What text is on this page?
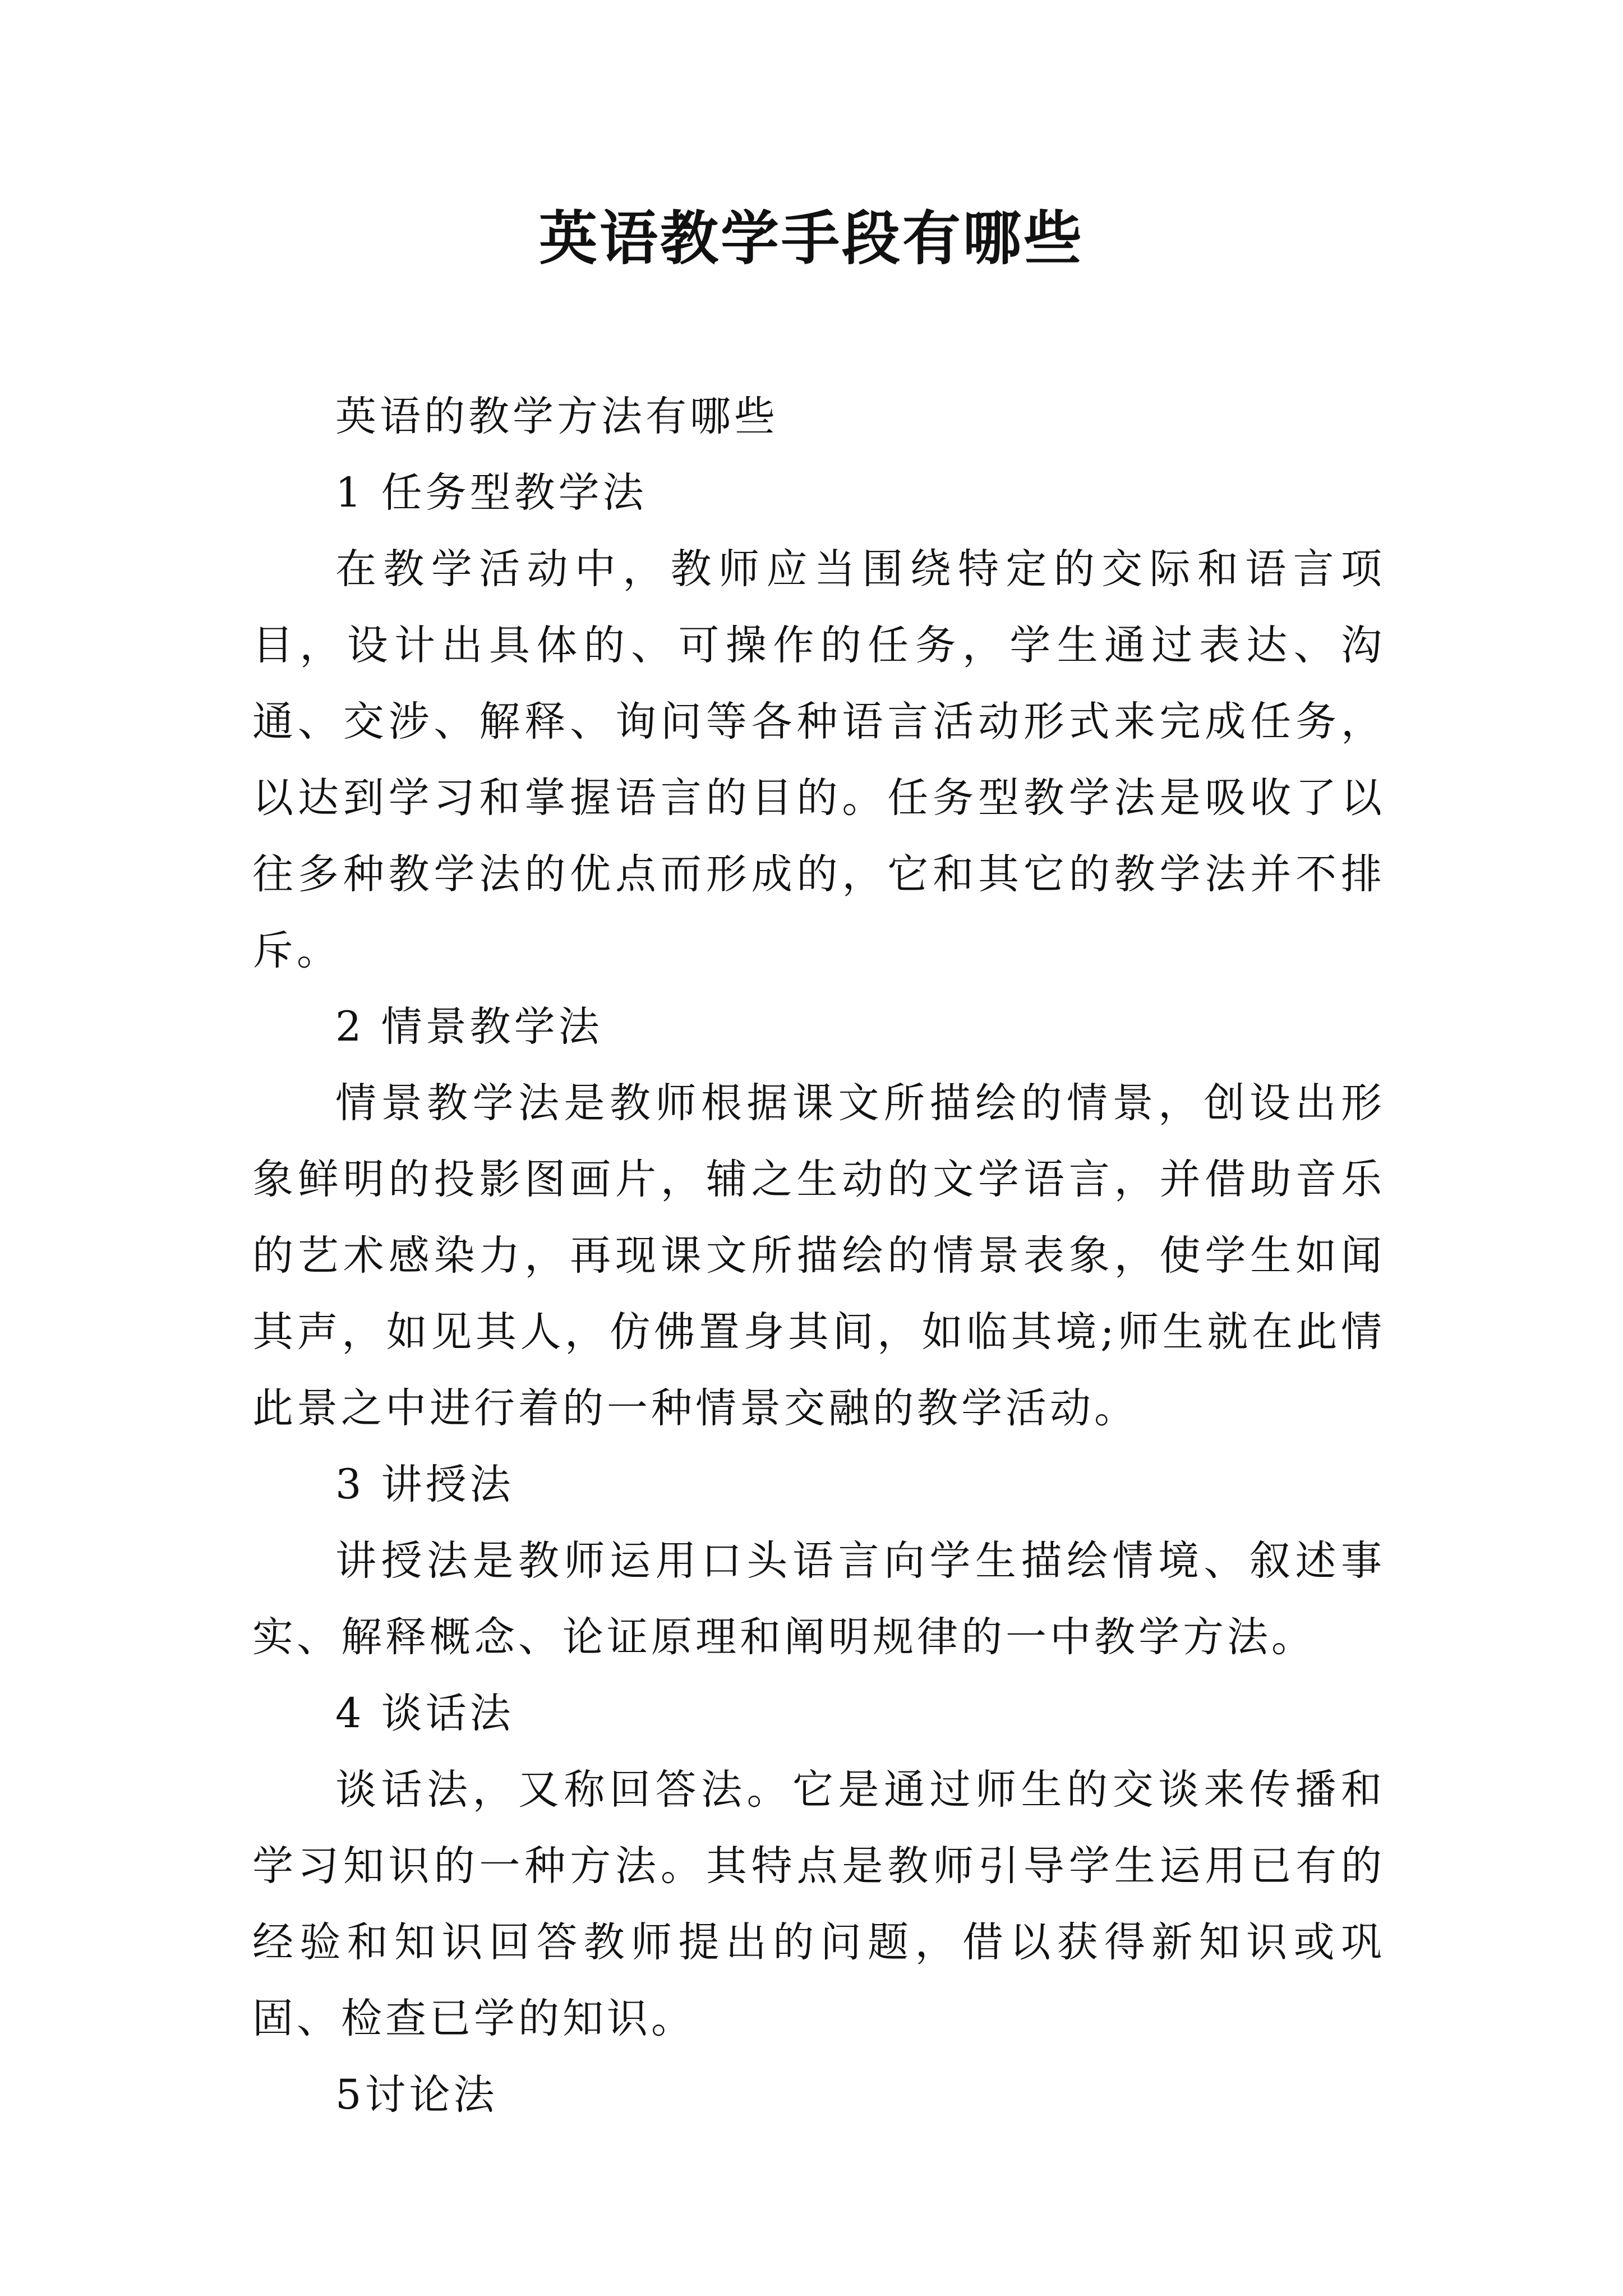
英语教学手段有哪些

英语的教学方法有哪些

1 任务型教学法

在教学活动中，教师应当围绕特定的交际和语言项目，设计出具体的、可操作的任务，学生通过表达、沟通、交涉、解释、询问等各种语言活动形式来完成任务，以达到学习和掌握语言的目的。任务型教学法是吸收了以往多种教学法的优点而形成的，它和其它的教学法并不排斥。

2 情景教学法

情景教学法是教师根据课文所描绘的情景，创设出形象鲜明的投影图画片，辅之生动的文学语言，并借助音乐的艺术感染力，再现课文所描绘的情景表象，使学生如闻其声，如见其人，仿佛置身其间，如临其境;师生就在此情此景之中进行着的一种情景交融的教学活动。

3 讲授法

讲授法是教师运用口头语言向学生描绘情境、叙述事实、解释概念、论证原理和阐明规律的一中教学方法。

4 谈话法

谈话法，又称回答法。它是通过师生的交谈来传播和学习知识的一种方法。其特点是教师引导学生运用已有的经验和知识回答教师提出的问题，借以获得新知识或巩固、检查已学的知识。

5讨论法
